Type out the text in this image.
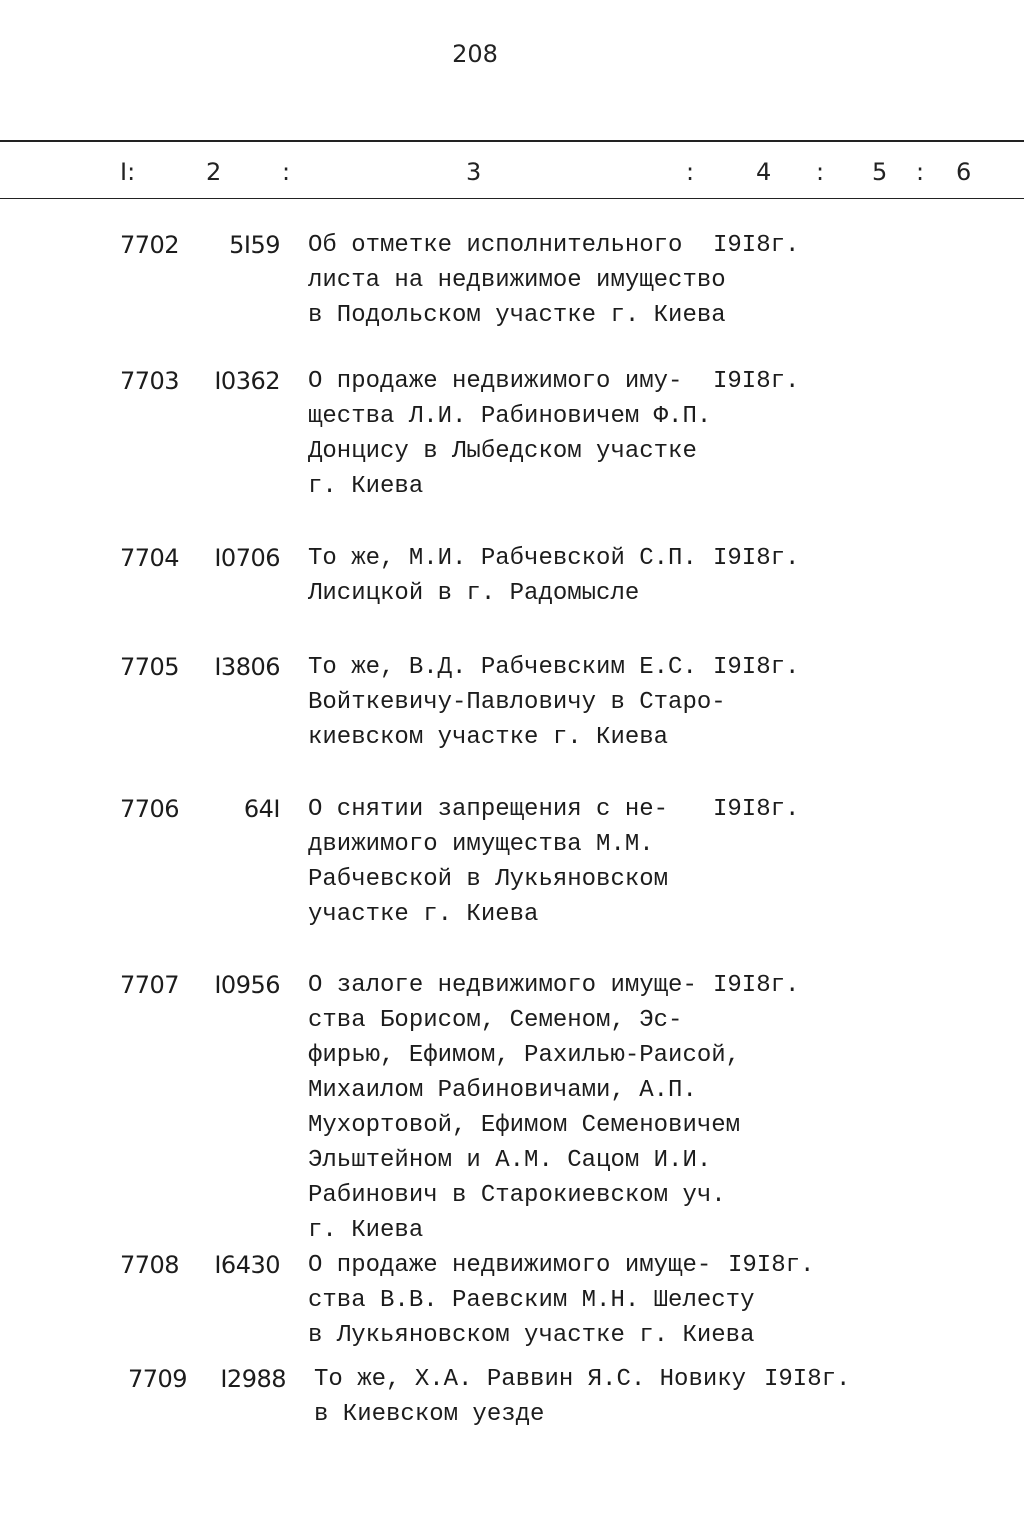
208
I:	2	:	3	:	4 : 5 : 6
7702	5I59 Об отметке исполнительного
листа на недвижимое имущество
в Подольском участке г. Киева
I9I8г.
7703	I0362 О продаже недвижимого иму-
щества Л.И. Рабиновичем Ф.П.
Донцису в Лыбедском участке
г. Киева
I9I8г.
7704	I0706 То же, М.И. Рабчевской С.П.
Лисицкой в г. Радомысле
I9I8г.
7705	I3806 То же, В.Д. Рабчевским Е.С.
Войткевичу-Павловичу в Старо-
киевском участке г. Киева
I9I8г.
7706	64I О снятии запрещения с не-
движимого имущества М.М.
Рабчевской в Лукьяновском
участке г. Киева
I9I8г.
7707	I0956 О залоге недвижимого имуще-
ства Борисом, Семеном, Эс-
фирью, Ефимом, Рахилью-Раисой,
Михаилом Рабиновичами, А.П.
Мухортовой, Ефимом Семеновичем
Эльштейном и А.М. Сацом И.И.
Рабинович в Старокиевском уч.
г. Киева
I9I8г.
7708	I6430 О продаже недвижимого имуще-
ства В.В. Раевским М.Н. Шелесту
в Лукьяновском участке г. Киева
I9I8г.
7709	I2988 То же, Х.А. Раввин Я.С. Новику
в Киевском уезде
I9I8г.
